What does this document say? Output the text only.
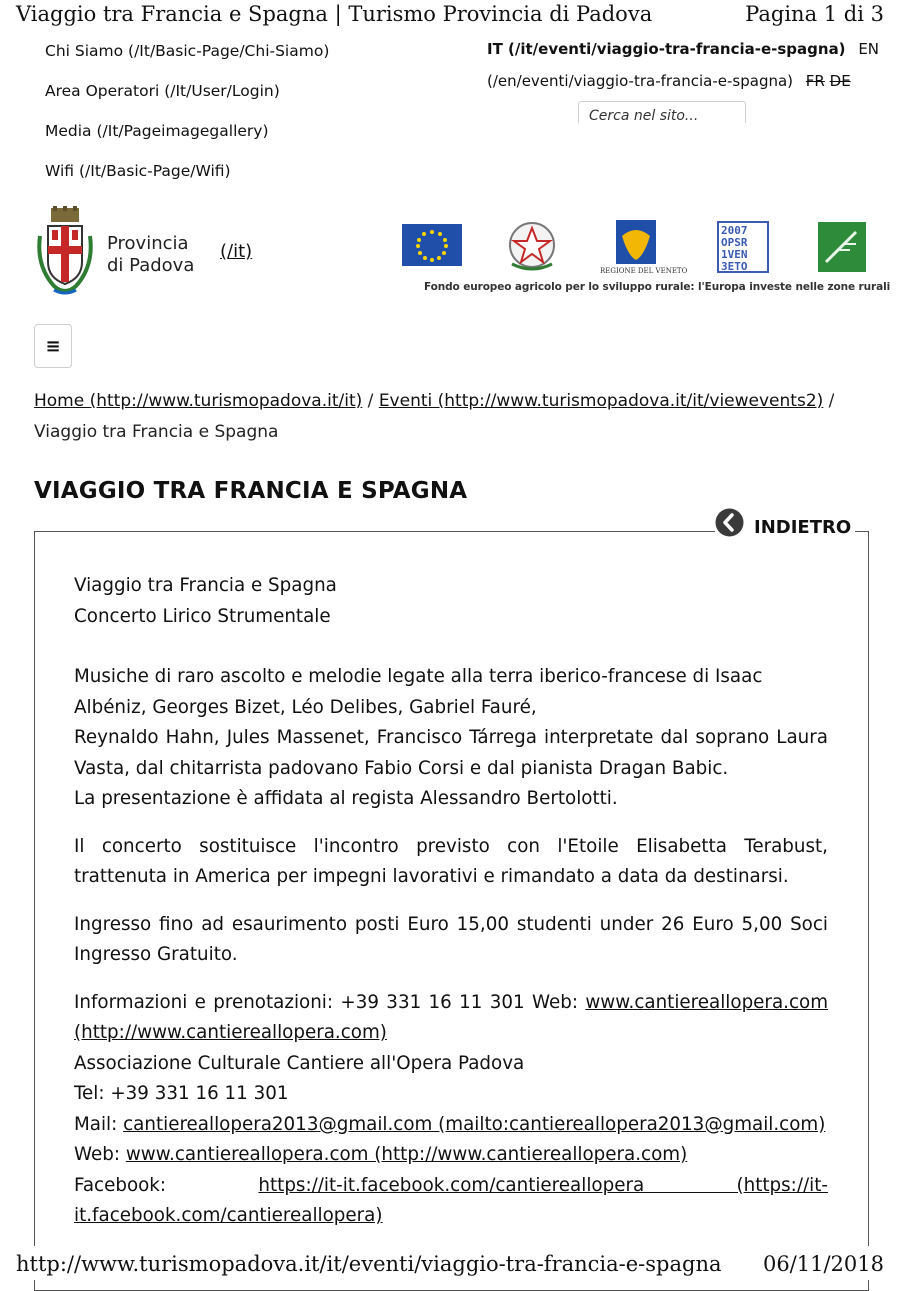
Viaggio tra Francia e Spagna | Turismo Provincia di Padova	Pagina 1 di 3
Chi Siamo (/It/Basic-Page/Chi-Siamo)
Area Operatori (/It/User/Login)
Media (/It/Pageimagegallery)
Wifi (/It/Basic-Page/Wifi)
IT (/it/eventi/viaggio-tra-francia-e-spagna) EN
(/en/eventi/viaggio-tra-francia-e-spagna) FR DE
Cerca nel sito...
Provincia
di Padova
(/it)
REGIONE DEL VENETO
2007
OPSR
1VEN
3ETO
Fondo europeo agricolo per lo sviluppo rurale: l'Europa investe nelle zone rurali
≡
Home (http://www.turismopadova.it/it) / Eventi (http://www.turismopadova.it/it/viewevents2) / Viaggio tra Francia e Spagna
VIAGGIO TRA FRANCIA E SPAGNA
INDIETRO

Viaggio tra Francia e Spagna

Concerto Lirico Strumentale

Musiche di raro ascolto e melodie legate alla terra iberico-francese di Isaac Albéniz, Georges Bizet, Léo Delibes, Gabriel Fauré,

Reynaldo Hahn, Jules Massenet, Francisco Tárrega interpretate dal soprano Laura Vasta, dal chitarrista padovano Fabio Corsi e dal pianista Dragan Babic.

La presentazione è affidata al regista Alessandro Bertolotti.

Il concerto sostituisce l'incontro previsto con l'Etoile Elisabetta Terabust, trattenuta in America per impegni lavorativi e rimandato a data da destinarsi.

Ingresso fino ad esaurimento posti Euro 15,00 studenti under 26 Euro 5,00 Soci Ingresso Gratuito.

Informazioni e prenotazioni: +39 331 16 11 301 Web: www.cantiereallopera.com (http://www.cantiereallopera.com)

Associazione Culturale Cantiere all'Opera Padova

Tel: +39 331 16 11 301

Mail: cantiereallopera2013@gmail.com (mailto:cantiereallopera2013@gmail.com)

Web: www.cantiereallopera.com (http://www.cantiereallopera.com)

Facebook: https://it-it.facebook.com/cantiereallopera (https://it-it.facebook.com/cantiereallopera)

http://www.turismopadova.it/it/eventi/viaggio-tra-francia-e-spagna 06/11/2018
